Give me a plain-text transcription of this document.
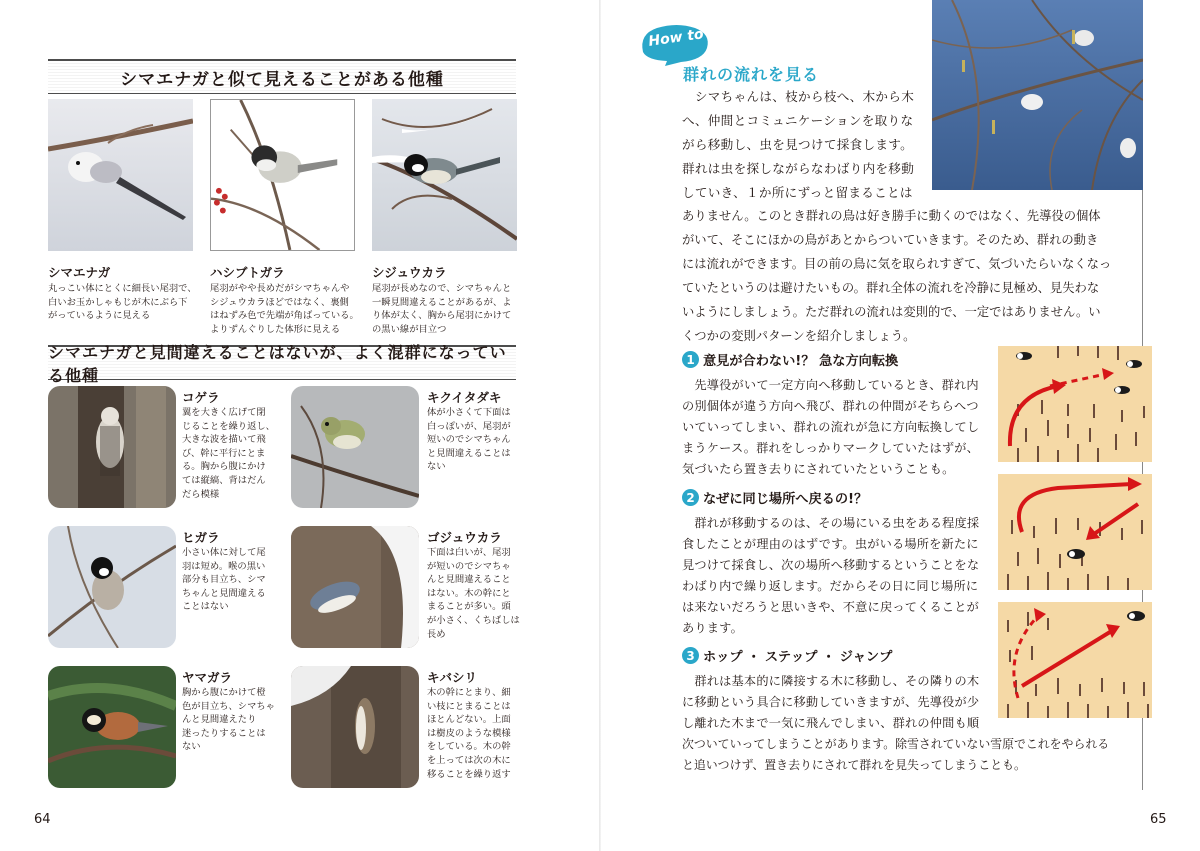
シマエナガと似て見えることがある他種
シマエナガ
丸っこい体にとくに細長い尾羽で、
白いお玉かしゃもじが木にぶら下
がっているように見える
ハシブトガラ
尾羽がやや長めだがシマちゃんや
シジュウカラほどではなく、裏側
はねずみ色で先端が角ばっている。
よりずんぐりした体形に見える
シジュウカラ
尾羽が長めなので、シマちゃんと
一瞬見間違えることがあるが、よ
り体が太く、胸から尾羽にかけて
の黒い線が目立つ
シマエナガと見間違えることはないが、よく混群になっている他種
コゲラ
翼を大きく広げて閉
じることを繰り返し、
大きな波を描いて飛
び、幹に平行にとま
る。胸から腹にかけ
ては縦縞、背はだん
だら模様
キクイタダキ
体が小さくて下面は
白っぽいが、尾羽が
短いのでシマちゃん
と見間違えることは
ない
ヒガラ
小さい体に対して尾
羽は短め。喉の黒い
部分も目立ち、シマ
ちゃんと見間違える
ことはない
ゴジュウカラ
下面は白いが、尾羽
が短いのでシマちゃ
んと見間違えること
はない。木の幹にと
まることが多い。頭
が小さく、くちばしは
長め
ヤマガラ
胸から腹にかけて橙
色が目立ち、シマちゃ
んと見間違えたり
迷ったりすることは
ない
キバシリ
木の幹にとまり、細
い枝にとまることは
ほとんどない。上面
は樹皮のような模様
をしている。木の幹
を上っては次の木に
移ることを繰り返す
64
How to
群れの流れを見る
　シマちゃんは、枝から枝へ、木から木
へ、仲間とコミュニケーションを取りな
がら移動し、虫を見つけて採食します。
群れは虫を探しながらなわばり内を移動
していき、１か所にずっと留まることは
ありません。このとき群れの鳥は好き勝手に動くのではなく、先導役の個体
がいて、そこにほかの鳥があとからついていきます。そのため、群れの動き
には流れができます。目の前の鳥に気を取られすぎて、気づいたらいなくなっ
ていたというのは避けたいもの。群れ全体の流れを冷静に見極め、見失わな
いようにしましょう。ただ群れの流れは変則的で、一定ではありません。い
くつかの変則パターンを紹介しましょう。
1 意見が合わない!？ 急な方向転換
　先導役がいて一定方向へ移動しているとき、群れ内
の別個体が違う方向へ飛び、群れの仲間がそちらへつ
いていってしまい、群れの流れが急に方向転換してし
まうケース。群れをしっかりマークしていたはずが、
気づいたら置き去りにされていたということも。
2 なぜに同じ場所へ戻るの!？
　群れが移動するのは、その場にいる虫をある程度採
食したことが理由のはずです。虫がいる場所を新たに
見つけて採食し、次の場所へ移動するということをな
わばり内で繰り返します。だからその日に同じ場所に
は来ないだろうと思いきや、不意に戻ってくることが
あります。
3 ホップ ・ ステップ ・ ジャンプ
　群れは基本的に隣接する木に移動し、その隣りの木
に移動という具合に移動していきますが、先導役が少
し離れた木まで一気に飛んでしまい、群れの仲間も順
次ついていってしまうことがあります。除雪されていない雪原でこれをやられる
と追いつけず、置き去りにされて群れを見失ってしまうことも。
65
